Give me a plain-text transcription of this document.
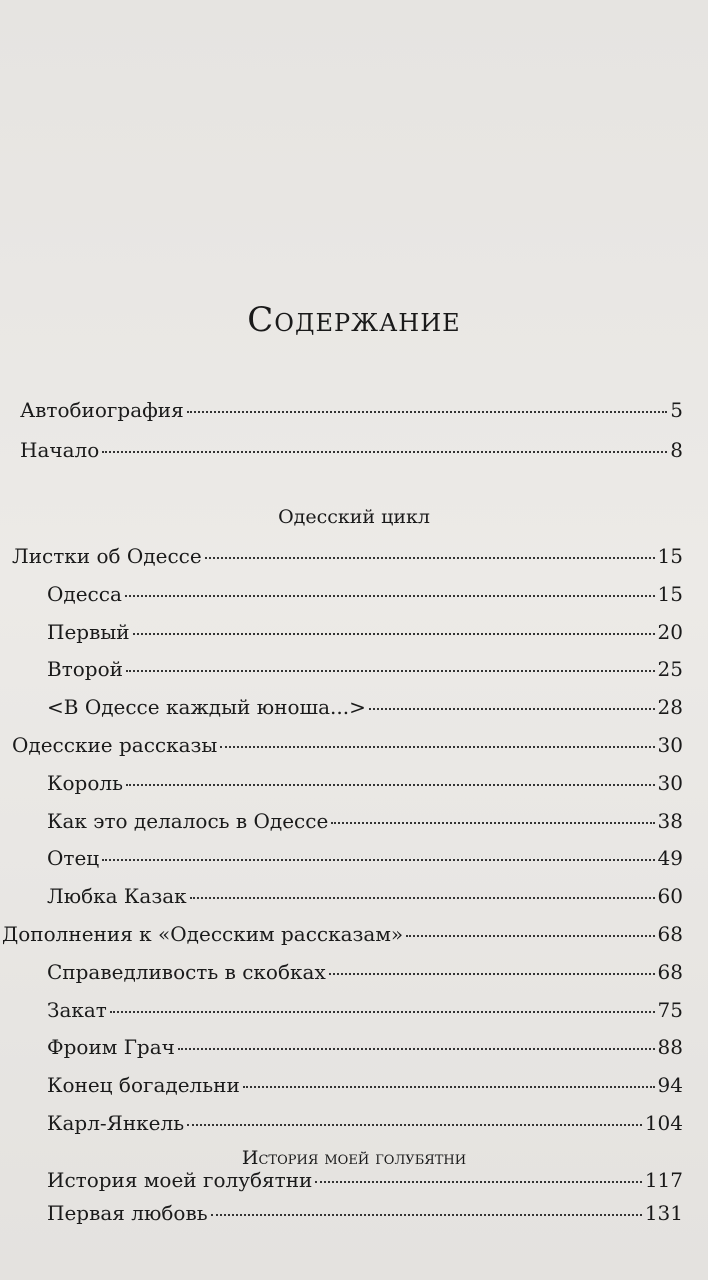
Содержание
Автобиография	5
Начало	8
Одесский цикл
Листки об Одессе	15
Одесса	15
Первый	20
Второй	25
<В Одессе каждый юноша...>	28
Одесские рассказы	30
Король	30
Как это делалось в Одессе	38
Отец	49
Любка Казак	60
Дополнения к «Одесским рассказам»	68
Справедливость в скобках	68
Закат	75
Фроим Грач	88
Конец богадельни	94
Карл-Янкель	104
История моей голубятни
История моей голубятни	117
Первая любовь	131
